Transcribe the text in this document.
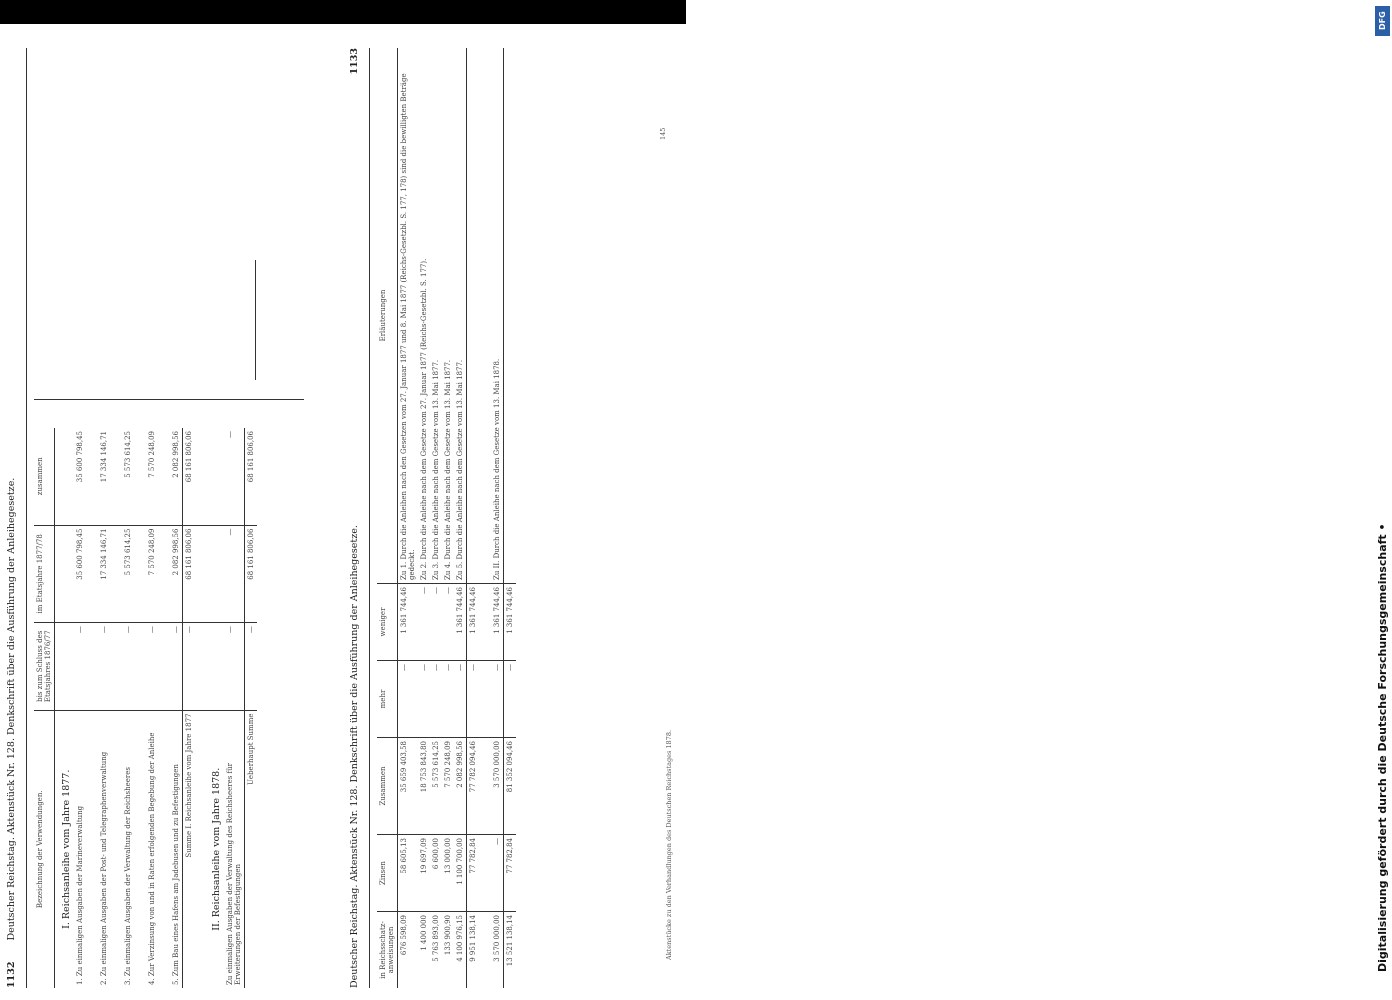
DFG
Digitalisierung gefördert durch die Deutsche Forschungsgemeinschaft •
1132 Deutscher Reichstag. Aktenstück Nr. 128. Denkschrift über die Ausführung der Anleihegesetze.	Bezeichnung der Verwendungen.	bis zum Schluss des Etatsjahres 1876/77	im Etatsjahre 1877/78	zusammen
I. Reichsanleihe vom Jahre 1877.			
1. Zu einmaligen Ausgaben der Marineverwaltung	—	35 600 798,45	35 600 798,45
2. Zu einmaligen Ausgaben der Post- und Telegraphenverwaltung	—	17 334 146,71	17 334 146,71
3. Zu einmaligen Ausgaben der Verwaltung der Reichsheeres	—	5 573 614,25	5 573 614,25
4. Zur Verzinsung von und in Raten erfolgenden Begebung der Anleihe	—	7 570 248,09	7 570 248,09
5. Zum Bau eines Hafens am Jadebusen und zu Befestigungen	—	2 082 998,56	2 082 998,56
Summe I. Reichsanleihe vom Jahre 1877	—	68 161 806,06	68 161 806,06
II. Reichsanleihe vom Jahre 1878.			
Zu einmaligen Ausgaben der Verwaltung des Reichsheeres für Erweiterungen der Befestigungen	—	—	—
Ueberhaupt Summe	—	68 161 806,06	68 161 806,06
Deutscher Reichstag. Aktenstück Nr. 128. Denkschrift über die Ausführung der Anleihegesetze.
1133
in Reichsschatz-anweisungen	Zinsen	Zusammen	mehr	weniger	Erläuterungen
676 598,09	58 605,13	35 659 403,58	—	1 361 744,46	Zu 1. Durch die Anleihen nach den Gesetzen vom 27. Januar 1877 und 8. Mai 1877 (Reichs-Gesetzbl. S. 177, 178) sind die bewilligten Beträge gedeckt.
1 400 000	19 697,09	18 753 843,80	—	—	Zu 2. Durch die Anleihe nach dem Gesetze vom 27. Januar 1877 (Reichs-Gesetzbl. S. 177).
5 763 893,00	6 600,00	5 573 614,25	—	—	Zu 3. Durch die Anleihe nach dem Gesetze vom 13. Mai 1877.
133 900,90	13 000,00	7 570 248,09	—	—	Zu 4. Durch die Anleihe nach dem Gesetze vom 13. Mai 1877.
4 100 976,15	1 100 700,00	2 082 998,56	—	1 361 744,46	Zu 5. Durch die Anleihe nach dem Gesetze vom 13. Mai 1877.
9 951 138,14	77 782,84	77 782 094,46	—	1 361 744,46	
3 570 000,00	—	3 570 000,00	—	1 361 744,46	Zu II. Durch die Anleihe nach dem Gesetze vom 13. Mai 1878.
13 521 138,14	77 782,84	81 352 094,46	—	1 361 744,46	
Aktenstücke zu den Verhandlungen des Deutschen Reichstages 1878.
145
